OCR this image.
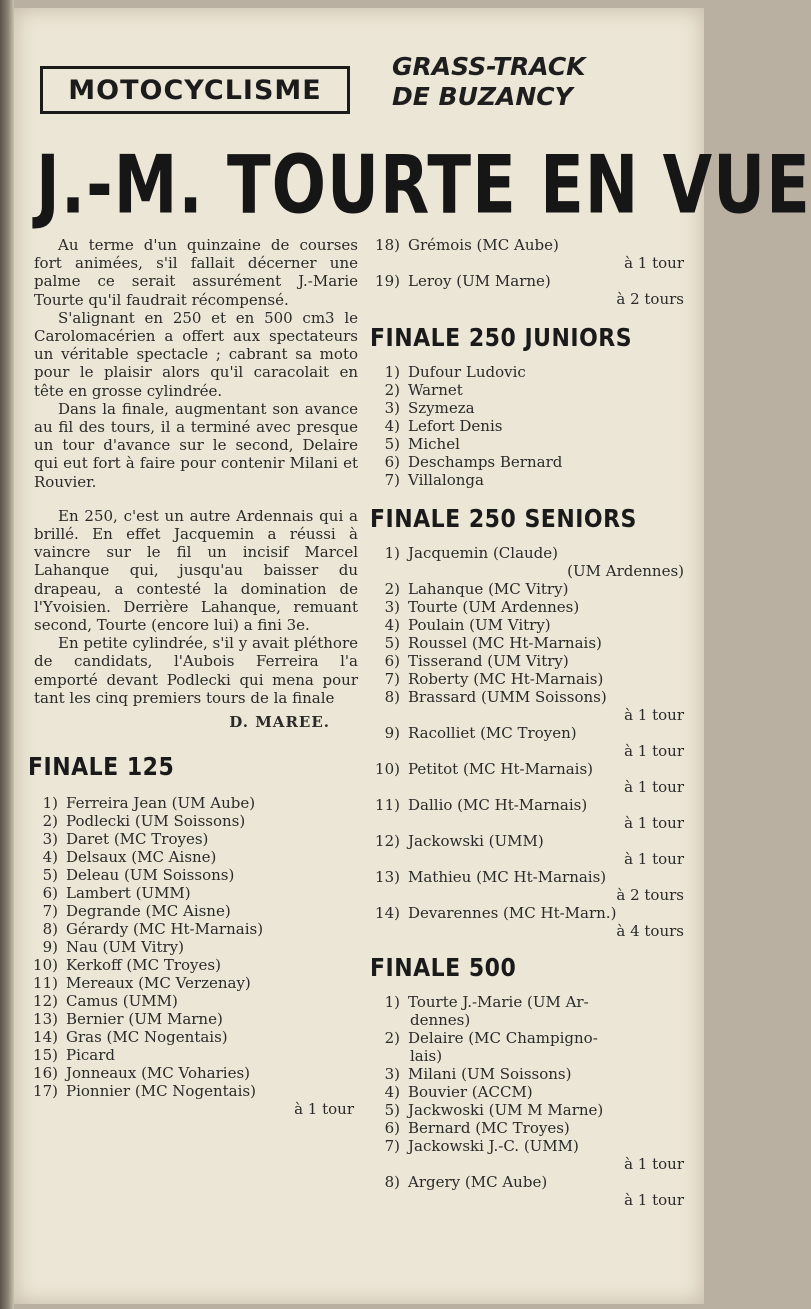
MOTOCYCLISME
GRASS-TRACK
DE BUZANCY
J.-M. TOURTE EN VUE

Au terme d'un quinzaine de courses fort animées, s'il fallait décerner une palme ce serait assurément J.-Marie Tourte qu'il faudrait récompensé.

S'alignant en 250 et en 500 cm3 le Carolomacérien a offert aux spectateurs un véritable spectacle ; cabrant sa moto pour le plaisir alors qu'il caracolait en tête en grosse cylindrée.

Dans la finale, augmentant son avance au fil des tours, il a terminé avec presque un tour d'avance sur le second, Delaire qui eut fort à faire pour contenir Milani et Rouvier.

En 250, c'est un autre Ardennais qui a brillé. En effet Jacquemin a réussi à vaincre sur le fil un incisif Marcel Lahanque qui, jusqu'au baisser du drapeau, a contesté la domination de l'Yvoisien. Derrière Lahanque, remuant second, Tourte (encore lui) a fini 3e.

En petite cylindrée, s'il y avait pléthore de candidats, l'Aubois Ferreira l'a emporté devant Podlecki qui mena pour tant les cinq premiers tours de la finale

D. MAREE.
FINALE 125
1) Ferreira Jean (UM Aube)
2) Podlecki (UM Soissons)
3) Daret (MC Troyes)
4) Delsaux (MC Aisne)
5) Deleau (UM Soissons)
6) Lambert (UMM)
7) Degrande (MC Aisne)
8) Gérardy (MC Ht-Marnais)
9) Nau (UM Vitry)
10) Kerkoff (MC Troyes)
11) Mereaux (MC Verzenay)
12) Camus (UMM)
13) Bernier (UM Marne)
14) Gras (MC Nogentais)
15) Picard
16) Jonneaux (MC Voharies)
17) Pionnier (MC Nogentais)
à 1 tour
18) Grémois (MC Aube)
à 1 tour
19) Leroy (UM Marne)
à 2 tours
FINALE 250 JUNIORS
1) Dufour Ludovic
2) Warnet
3) Szymeza
4) Lefort Denis
5) Michel
6) Deschamps Bernard
7) Villalonga
FINALE 250 SENIORS
1) Jacquemin (Claude)
(UM Ardennes)
2) Lahanque (MC Vitry)
3) Tourte (UM Ardennes)
4) Poulain (UM Vitry)
5) Roussel (MC Ht-Marnais)
6) Tisserand (UM Vitry)
7) Roberty (MC Ht-Marnais)
8) Brassard (UMM Soissons)
à 1 tour
9) Racolliet (MC Troyen)
à 1 tour
10) Petitot (MC Ht-Marnais)
à 1 tour
11) Dallio (MC Ht-Marnais)
à 1 tour
12) Jackowski (UMM)
à 1 tour
13) Mathieu (MC Ht-Marnais)
à 2 tours
14) Devarennes (MC Ht-Marn.)
à 4 tours
FINALE 500
1) Tourte J.-Marie (UM Ar-
dennes)
2) Delaire (MC Champigno-
lais)
3) Milani (UM Soissons)
4) Bouvier (ACCM)
5) Jackwoski (UM M Marne)
6) Bernard (MC Troyes)
7) Jackowski J.-C. (UMM)
à 1 tour
8) Argery (MC Aube)
à 1 tour
